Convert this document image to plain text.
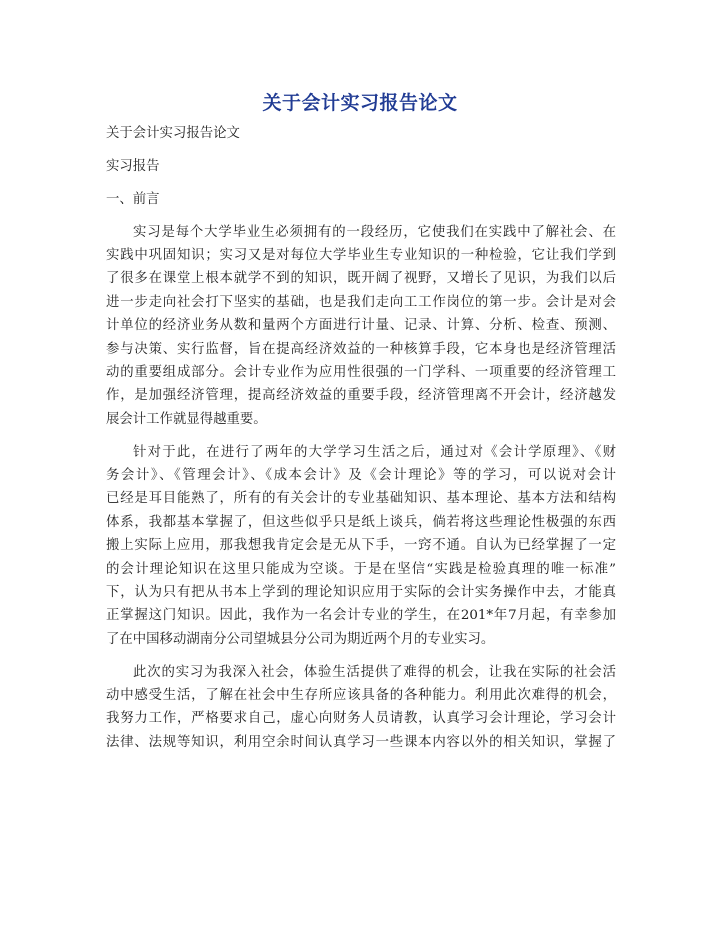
关于会计实习报告论文
关于会计实习报告论文
实习报告
一、前言
实习是每个大学毕业生必须拥有的一段经历，它使我们在实践中了解社会、在
实践中巩固知识；实习又是对每位大学毕业生专业知识的一种检验，它让我们学到
了很多在课堂上根本就学不到的知识，既开阔了视野，又增长了见识，为我们以后
进一步走向社会打下坚实的基础，也是我们走向工工作岗位的第一步。会计是对会
计单位的经济业务从数和量两个方面进行计量、记录、计算、分析、检查、预测、
参与决策、实行监督，旨在提高经济效益的一种核算手段，它本身也是经济管理活
动的重要组成部分。会计专业作为应用性很强的一门学科、一项重要的经济管理工
作，是加强经济管理，提高经济效益的重要手段，经济管理离不开会计，经济越发
展会计工作就显得越重要。
针对于此，在进行了两年的大学学习生活之后，通过对《会计学原理》、《财
务会计》、《管理会计》、《成本会计》及《会计理论》等的学习，可以说对会计
已经是耳目能熟了，所有的有关会计的专业基础知识、基本理论、基本方法和结构
体系，我都基本掌握了，但这些似乎只是纸上谈兵，倘若将这些理论性极强的东西
搬上实际上应用，那我想我肯定会是无从下手，一窍不通。自认为已经掌握了一定
的会计理论知识在这里只能成为空谈。于是在坚信“实践是检验真理的唯一标准”
下，认为只有把从书本上学到的理论知识应用于实际的会计实务操作中去，才能真
正掌握这门知识。因此，我作为一名会计专业的学生，在201*年7月起，有幸参加
了在中国移动湖南分公司望城县分公司为期近两个月的专业实习。
此次的实习为我深入社会，体验生活提供了难得的机会，让我在实际的社会活
动中感受生活，了解在社会中生存所应该具备的各种能力。利用此次难得的机会，
我努力工作，严格要求自己，虚心向财务人员请教，认真学习会计理论，学习会计
法律、法规等知识，利用空余时间认真学习一些课本内容以外的相关知识，掌握了
